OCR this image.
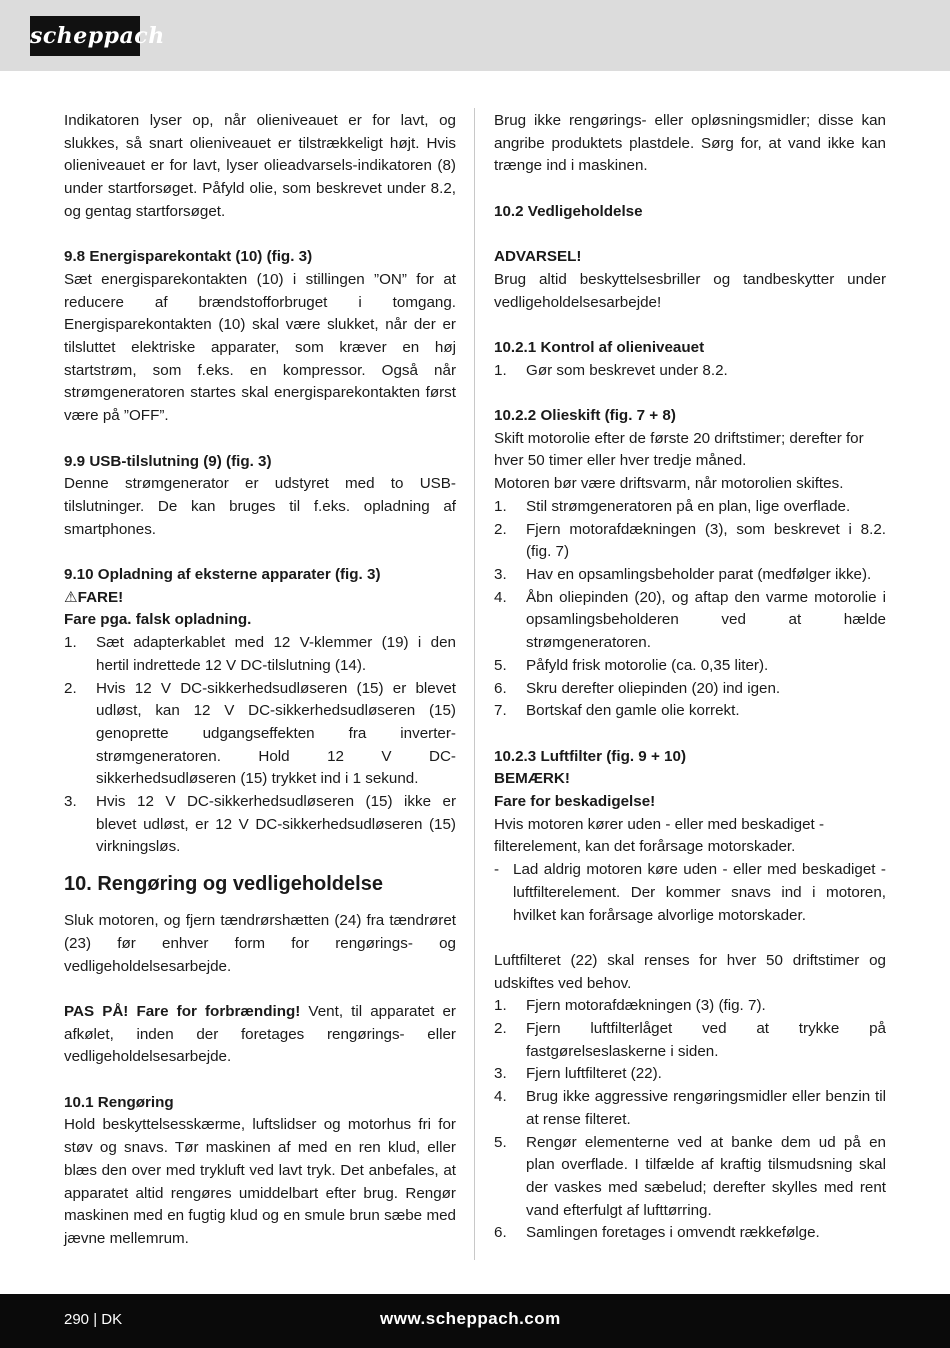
scheppach

Indikatoren lyser op, når olieniveauet er for lavt, og slukkes, så snart olieniveauet er tilstrækkeligt højt. Hvis olieniveauet er for lavt, lyser olieadvarsels-indikatoren (8) under startforsøget. Påfyld olie, som beskrevet under 8.2, og gentag startforsøget.

9.8 Energisparekontakt (10) (fig. 3)

Sæt energisparekontakten (10) i stillingen ”ON” for at reducere af brændstofforbruget i tomgang. Energisparekontakten (10) skal være slukket, når der er tilsluttet elektriske apparater, som kræver en høj startstrøm, som f.eks. en kompressor. Også når strømgeneratoren startes skal energisparekontakten først være på ”OFF”.

9.9 USB-tilslutning (9) (fig. 3)

Denne strømgenerator er udstyret med to USB-tilslutninger. De kan bruges til f.eks. opladning af smartphones.

9.10 Opladning af eksterne apparater (fig. 3)

⚠FARE!

Fare pga. falsk opladning.

1. Sæt adapterkablet med 12 V-klemmer (19) i den hertil indrettede 12 V DC-tilslutning (14).
2. Hvis 12 V DC-sikkerhedsudløseren (15) er blevet udløst, kan 12 V DC-sikkerhedsudløseren (15) genoprette udgangseffekten fra inverter-strømgeneratoren. Hold 12 V DC-sikkerhedsudløseren (15) trykket ind i 1 sekund.
3. Hvis 12 V DC-sikkerhedsudløseren (15) ikke er blevet udløst, er 12 V DC-sikkerhedsudløseren (15) virkningsløs.

10. Rengøring og vedligeholdelse

Sluk motoren, og fjern tændrørshætten (24) fra tændrøret (23) før enhver form for rengørings- og vedligeholdelsesarbejde.

PAS PÅ! Fare for forbrænding! Vent, til apparatet er afkølet, inden der foretages rengørings- eller vedligeholdelsesarbejde.

10.1 Rengøring

Hold beskyttelsesskærme, luftslidser og motorhus fri for støv og snavs. Tør maskinen af med en ren klud, eller blæs den over med trykluft ved lavt tryk. Det anbefales, at apparatet altid rengøres umiddelbart efter brug. Rengør maskinen med en fugtig klud og en smule brun sæbe med jævne mellemrum.

Brug ikke rengørings- eller opløsningsmidler; disse kan angribe produktets plastdele. Sørg for, at vand ikke kan trænge ind i maskinen.

10.2 Vedligeholdelse

ADVARSEL!

Brug altid beskyttelsesbriller og tandbeskytter under vedligeholdelsesarbejde!

10.2.1 Kontrol af olieniveauet

1. Gør som beskrevet under 8.2.

10.2.2 Olieskift (fig. 7 + 8)

Skift motorolie efter de første 20 driftstimer; derefter for hver 50 timer eller hver tredje måned.

Motoren bør være driftsvarm, når motorolien skiftes.

1. Stil strømgeneratoren på en plan, lige overflade.
2. Fjern motorafdækningen (3), som beskrevet i 8.2. (fig. 7)
3. Hav en opsamlingsbeholder parat (medfølger ikke).
4. Åbn oliepinden (20), og aftap den varme motorolie i opsamlingsbeholderen ved at hælde strømgeneratoren.
5. Påfyld frisk motorolie (ca. 0,35 liter).
6. Skru derefter oliepinden (20) ind igen.
7. Bortskaf den gamle olie korrekt.

10.2.3 Luftfilter (fig. 9 + 10)

BEMÆRK!

Fare for beskadigelse!

Hvis motoren kører uden - eller med beskadiget - filterelement, kan det forårsage motorskader.

- Lad aldrig motoren køre uden - eller med beskadiget - luftfilterelement. Der kommer snavs ind i motoren, hvilket kan forårsage alvorlige motorskader.

Luftfilteret (22) skal renses for hver 50 driftstimer og udskiftes ved behov.

1. Fjern motorafdækningen (3) (fig. 7).
2. Fjern luftfilterlåget ved at trykke på fastgørelseslaskerne i siden.
3. Fjern luftfilteret (22).
4. Brug ikke aggressive rengøringsmidler eller benzin til at rense filteret.
5. Rengør elementerne ved at banke dem ud på en plan overflade. I tilfælde af kraftig tilsmudsning skal der vaskes med sæbelud; derefter skylles med rent vand efterfulgt af lufttørring.
6. Samlingen foretages i omvendt rækkefølge.
290 | DK	www.scheppach.com
